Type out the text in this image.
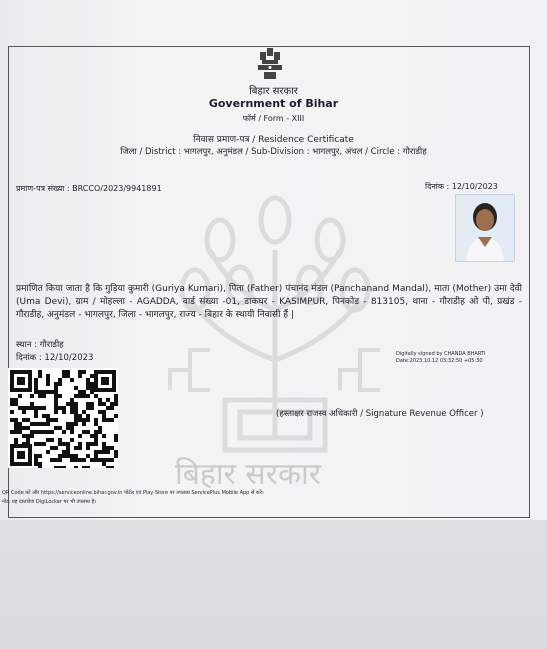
बिहार सरकार
बिहार सरकार
Government of Bihar
फॉर्म / Form - XIII
निवास प्रमाण-पत्र / Residence Certificate
जिला / District : भागलपुर, अनुमंडल / Sub-Division : भागलपुर, अंचल / Circle : गौराडीह
प्रमाण-पत्र संख्या : BRCCO/2023/9941891	दिनांक : 12/10/2023

प्रमाणित किया जाता है कि गुड़िया कुमारी (Guriya Kumari), पिता (Father) पंचानंद मंडल (Panchanand Mandal), माता (Mother) उमा देवी (Uma Devi), ग्राम / मोहल्ला - AGADDA, वार्ड संख्या -01, डाकघर - KASIMPUR, पिनकोड - 813105, थाना - गौराडीह ओ पी, प्रखंड - गौराडीह, अनुमंडल - भागलपुर, जिला - भागलपुर, राज्य - बिहार के स्थायी निवासी हैं |

स्थान : गौराडीह
दिनांक : 12/10/2023	Digitally signed by CHANDA BHARTI
Date:2023.10.12 03:32:50 +05:30
(हस्ताक्षर राजस्व अधिकारी / Signature Revenue Officer )
QR Code को और https://serviceonline.bihar.gov.in पोर्टल एवं Play Store पर उपलब्ध ServicePlus Mobile App से करें।
नोट: यह दस्तावेज DigiLocker पर भी उपलब्ध है।
